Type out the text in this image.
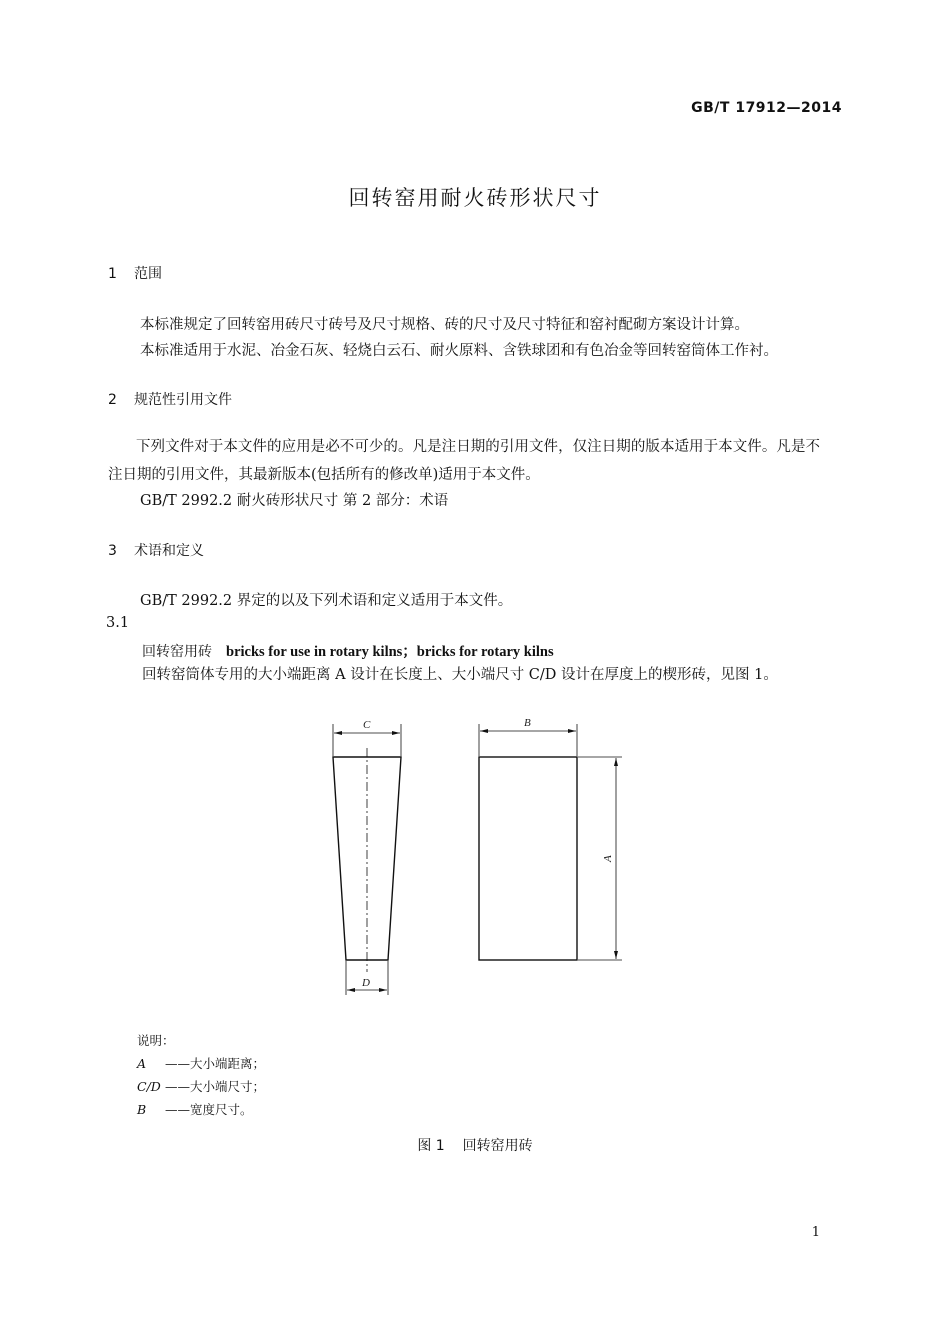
GB/T 17912—2014
回转窑用耐火砖形状尺寸
1 范围
本标准规定了回转窑用砖尺寸砖号及尺寸规格、砖的尺寸及尺寸特征和窑衬配砌方案设计计算。
本标准适用于水泥、冶金石灰、轻烧白云石、耐火原料、含铁球团和有色冶金等回转窑筒体工作衬。
2 规范性引用文件
下列文件对于本文件的应用是必不可少的。凡是注日期的引用文件，仅注日期的版本适用于本文件。凡是不注日期的引用文件，其最新版本(包括所有的修改单)适用于本文件。
GB/T 2992.2 耐火砖形状尺寸 第 2 部分：术语
3 术语和定义
GB/T 2992.2 界定的以及下列术语和定义适用于本文件。
3.1
回转窑用砖 bricks for use in rotary kilns；bricks for rotary kilns
回转窑筒体专用的大小端距离 A 设计在长度上、大小端尺寸 C/D 设计在厚度上的楔形砖，见图 1。
C
D
B
A
说明：
A ——大小端距离；
C/D ——大小端尺寸；
B ——宽度尺寸。
图 1 回转窑用砖
1
